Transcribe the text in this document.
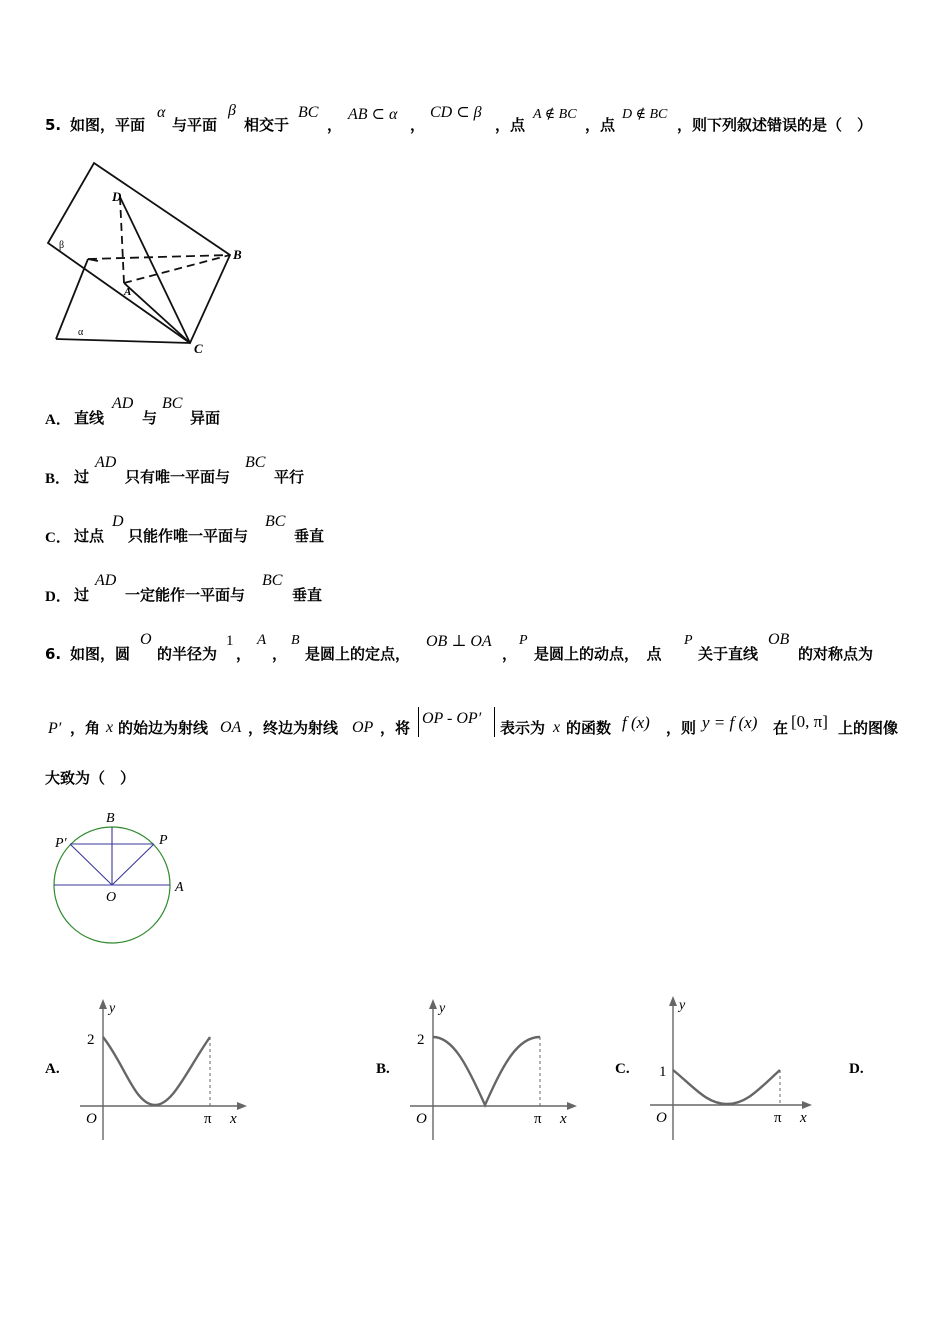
5. 如图，平面
α
与平面
β
相交于
BC
，
AB ⊂ α
，
CD ⊂ β
，点
A ∉ BC
，点
D ∉ BC
，则下列叙述错误的是（　）
D
B
A
C
β
α
A． 直线
AD
与
BC
异面
B． 过
AD
只有唯一平面与
BC
平行
C． 过点
D
只能作唯一平面与
BC
垂直
D． 过
AD
一定能作一平面与
BC
垂直
6. 如图，圆
O
的半径为
1
，
A
，
B
是圆上的定点，
OB ⊥ OA
，
P
是圆上的动点，　点
P
关于直线
OB
的对称点为
P′ ，角 x 的始边为射线 OA ，终边为射线 OP ，将
OP - OP′
表示为 x 的函数 f (x) ，则 y = f (x) 在 [0, π] 上的图像
大致为（　）
B
P′	P
O
A
A.
2
y
O	π x
B.
2
y
O	π x
C. 1
y
O	π x
D.
